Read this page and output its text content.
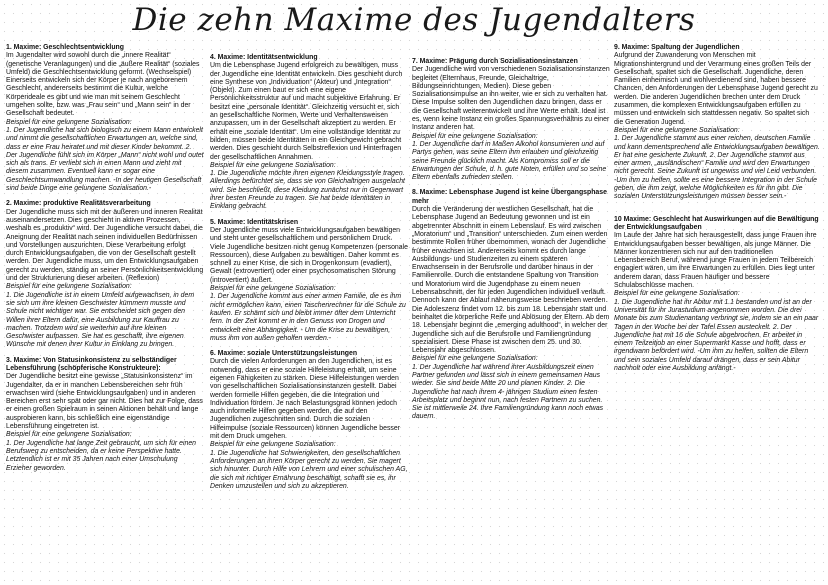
Die zehn Maxime des Jugendalters

1. Maxime: Geschlechtsentwicklung

Im Jugendalter wird sowohl durch die „innere Realität“ (genetische Veranlagungen) und die „äußere Realität“ (soziales Umfeld) die Geschlechtsentwicklung geformt. (Wechselspiel) Einerseits entwickeln sich der Körper je nach angeborenem Geschlecht, andererseits bestimmt die Kultur, welche Körperideale es gibt und wie man mit seinem Geschlecht umgehen sollte, bzw. was „Frau sein“ und „Mann sein“ in der Gesellschaft bedeutet.

Beispiel für eine gelungene Sozialisation:

1. Der Jugendliche hat sich biologisch zu einem Mann entwickelt und nimmt die gesellschaftlichen Erwartungen an, welche sind, dass er eine Frau heiratet und mit dieser Kinder bekommt. 2. Der Jugendliche fühlt sich im Körper „Mann“ nicht wohl und outet sich als trans. Er verliebt sich in einen Mann und zieht mit diesem zusammen. Eventuell kann er sogar eine Geschlechtsumwandlung machen. -In der heutigen Gesellschaft sind beide Dinge eine gelungene Sozialisation.-

2. Maxime: produktive Realitätsverarbeitung

Der Jugendliche muss sich mit der äußeren und inneren Realität auseinandersetzen. Dies geschieht in aktiven Prozessen, weshalb es „produktiv“ wird. Der Jugendliche versucht dabei, die Aneignung der Realität nach seinen individuellen Bedürfnissen und Vorstellungen auszurichten. Diese Verarbeitung erfolgt durch Entwicklungsaufgaben, die von der Gesellschaft gestellt werden. Der Jugendliche muss, um den Entwicklungsaufgaben gerecht zu werden, ständig an seiner Persönlichkeitsentwicklung und der Strukturierung dieser arbeiten. (Reflexion)

Beispiel für eine gelungene Sozialisation:

1. Die Jugendliche ist in einem Umfeld aufgewachsen, in dem sie sich um ihre kleinen Geschwister kümmern musste und Schule nicht wichtiger war. Sie entscheidet sich gegen den Willen ihrer Eltern dafür, eine Ausbildung zur Kauffrau zu machen. Trotzdem wird sie weiterhin auf ihre kleinen Geschwister aufpassen. Sie hat es geschafft, ihre eigenen Wünsche mit denen ihrer Kultur in Einklang zu bringen.

3. Maxime: Von Statusinkonsistenz zu selbständiger Lebensführung (schöpferische Konstrukteure):

Der Jugendliche besitzt eine gewisse „Statusinkonsistenz“ im Jugendalter, da er in manchen Lebensbereichen sehr früh erwachsen wird (siehe Entwicklungsaufgaben) und in anderen Bereichen erst sehr spät oder gar nicht. Dies hat zur Folge, dass er einen großen Spielraum in seinen Aktionen behält und lange ausprobieren kann, bis schließlich eine eigenständige Lebensführung eingetreten ist.

Beispiel für eine gelungene Sozialisation:

1. Der Jugendliche hat lange Zeit gebraucht, um sich für einen Berufsweg zu entscheiden, da er keine Perspektive hatte. Letztendlich ist er mit 35 Jahren nach einer Umschulung Erzieher geworden.

4. Maxime: Identitätsentwicklung

Um die Lebensphase Jugend erfolgreich zu bewältigen, muss der Jugendliche eine Identität entwickeln. Dies geschieht durch eine Synthese von „Individuation“ (Akteur) und „Integration“ (Objekt). Zum einen baut er sich eine eigene Persönlichkeitsstruktur auf und macht subjektive Erfahrung. Er besitzt eine „personale Identität“. Gleichzeitig versucht er, sich an gesellschaftliche Normen, Werte und Verhaltensweisen anzupassen, um in der Gesellschaft akzeptiert zu werden. Er erhält eine „soziale Identität“. Um eine vollständige Identität zu bilden, müssen beide Identitäten in ein Gleichgewicht gebracht werden. Dies geschieht durch Selbstreflexion und Hinterfragen der gesellschaftlichen Annahmen.

Beispiel für eine gelungene Sozialisation:

1. Die Jugendliche möchte ihren eigenen Kleidungsstyle tragen. Allerdings befürchtet sie, dass sie von Gleichaltrigen ausgelacht wird. Sie beschließt, diese Kleidung zunächst nur in Gegenwart ihrer besten Freunde zu tragen. Sie hat beide Identitäten in Einklang gebracht.

5. Maxime: Identitätskrisen

Der Jugendliche muss viele Entwicklungsaufgaben bewältigen und steht unter gesellschaftlichem und persönlichem Druck. Viele Jugendliche besitzen nicht genug Kompetenzen (personale Ressourcen), diese Aufgaben zu bewältigen. Daher kommt es schnell zu einer Krise, die sich in Drogenkonsum (evadiert), Gewalt (extrovertiert) oder einer psychosomatischen Störung (introvertiert) äußert.

Beispiel für eine gelungene Sozialisation:

1. Der Jugendliche kommt aus einer armen Familie, die es ihm nicht ermöglichen kann, einen Taschenrechner für die Schule zu kaufen. Er schämt sich und bleibt immer öfter dem Unterricht fern. In der Zeit kommt er in den Genuss von Drogen und entwickelt eine Abhängigkeit. - Um die Krise zu bewältigen, muss ihm von außen geholfen werden.-

6. Maxime: soziale Unterstützungsleistungen

Durch die vielen Anforderungen an den Jugendlichen, ist es notwendig, dass er eine soziale Hilfeleistung erhält, um seine eigenen Fähigkeiten zu stärken. Diese Hilfeleistungen werden von gesellschaftlichen Sozialisationsinstanzen gestellt. Dabei werden formelle Hilfen gegeben, die die Integration und Individuation fördern. Je nach Belastungsgrad können jedoch auch informelle Hilfen gegeben werden, die auf den Jugendlichen zugeschnitten sind. Durch die sozialen Hilfeimpulse (soziale Ressourcen) können Jugendliche besser mit dem Druck umgehen.

Beispiel für eine gelungene Sozialisation:

1. Die Jugendliche hat Schwierigkeiten, den gesellschaftlichen Anforderungen an ihren Körper gerecht zu werden. Sie magert sich hinunter. Durch Hilfe von Lehrern und einer schulischen AG, die sich mit richtiger Ernährung beschäftigt, schafft sie es, ihr Denken umzustellen und sich zu akzeptieren.

7. Maxime: Prägung durch Sozialisationsinstanzen

Der Jugendliche wird von verschiedenen Sozialisationsinstanzen begleitet (Elternhaus, Freunde, Gleichaltrige, Bildungseinrichtungen, Medien). Diese geben Sozialisationsimpulse an ihn weiter, wie er sich zu verhalten hat. Diese Impulse sollten den Jugendlichen dazu bringen, dass er die Gesellschaft weiterentwickelt und ihre Werte erhält. Ideal ist es, wenn keine Instanz ein großes Spannungsverhältnis zu einer Instanz anderen hat.

Beispiel für eine gelungene Sozialisation:

1. Der Jugendliche darf in Maßen Alkohol konsumieren und auf Partys gehen, was seine Eltern ihm erlauben und gleichzeitig seine Freunde glücklich macht. Als Kompromiss soll er die Erwartungen der Schule, d. h. gute Noten, erfüllen und so seine Eltern ebenfalls zufrieden stellen.

8. Maxime: Lebensphase Jugend ist keine Übergangsphase mehr

Durch die Veränderung der westlichen Gesellschaft, hat die Lebensphase Jugend an Bedeutung gewonnen und ist ein abgetrennter Abschnitt in einem Lebenslauf. Es wird zwischen „Moratorium“ und „Transition“ unterschieden. Zum einen werden bestimmte Rollen früher übernommen, wonach der Jugendliche früher erwachsen ist. Andererseits kommt es durch lange Ausbildungs- und Studienzeiten zu einem späteren Erwachsensein in der Berufsrolle und darüber hinaus in der Familienrolle. Durch die entstandene Spaltung von Transition und Moratorium wird die Jugendphase zu einem neuen Lebensabschnitt, der für jeden Jugendlichen individuell verläuft. Dennoch kann der Ablauf näherungsweise beschrieben werden. Die Adoleszenz findet vom 12. bis zum 18. Lebensjahr statt und beinhaltet die körperliche Reife und Ablösung der Eltern. Ab dem 18. Lebensjahr beginnt die „emerging adulthood“, in welcher der Jugendliche sich auf die Berufsrolle und Familiengründung spezialisiert. Diese Phase ist zwischen dem 25. und 30. Lebensjahr abgeschlossen.

Beispiel für eine gelungene Sozialisation:

1. Der Jugendliche hat während ihrer Ausbildungszeit einen Partner gefunden und lässt sich in einem gemeinsamen Haus wieder. Sie sind beide Mitte 20 und planen Kinder. 2. Die Jugendliche hat nach ihrem 4- jährigen Studium einen festen Arbeitsplatz und beginnt nun, nach festen Partnern zu suchen. Sie ist mittlerweile 24. Ihre Familiengründung kann noch etwas dauern.

9. Maxime: Spaltung der Jugendlichen

Aufgrund der Zuwanderung von Menschen mit Migrationshintergrund und der Verarmung eines großen Teils der Gesellschaft, spaltet sich die Gesellschaft. Jugendliche, deren Familien einheimisch und wohlverdienend sind, haben bessere Chancen, den Anforderungen der Lebensphase Jugend gerecht zu werden. Die anderen Jugendlichen brechen unter dem Druck zusammen, die komplexen Entwicklungsaufgaben erfüllen zu müssen und entwickeln sich stattdessen negativ. So spaltet sich die Generation Jugend.

Beispiel für eine gelungene Sozialisation:

1. Der Jugendliche stammt aus einer reichen, deutschen Familie und kann dementsprechend alle Entwicklungsaufgaben bewältigen. Er hat eine gesicherte Zukunft. 2. Der Jugendliche stammt aus einer armen, „ausländischen“ Familie und wird den Erwartungen nicht gerecht. Seine Zukunft ist ungewiss und viel Leid verbunden. -Um ihm zu helfen, sollte es eine bessere Integration in der Schule geben, die ihm zeigt, welche Möglichkeiten es für ihn gibt. Die sozialen Unterstützungsleistungen müssen besser sein.-

10 Maxime: Geschlecht hat Auswirkungen auf die Bewältigung der Entwicklungsaufgaben

Im Laufe der Jahre hat sich herausgestellt, dass junge Frauen ihre Entwicklungsaufgaben besser bewältigen, als junge Männer. Die Männer konzentrieren sich nur auf den traditionellen Lebensbereich Beruf, während junge Frauen in jedem Teilbereich engagiert wären, um ihre Erwartungen zu erfüllen. Dies liegt unter anderem daran, dass Frauen häufiger und bessere Schulabschlüsse machen.

Beispiel für eine gelungene Sozialisation:

1. Die Jugendliche hat ihr Abitur mit 1.1 bestanden und ist an der Universität für ihr Jurastudium angenommen worden. Die drei Monate bis zum Studienantang verbringt sie, indem sie an ein paar Tagen in der Woche bei der Tafel Essen austeckelt. 2. Der Jugendliche hat mit 16 die Schule abgebrochen. Er arbeitet in einem Teilzeitjob an einer Supermarkt Kasse und hofft, dass er irgendwann befördert wird. -Um ihm zu helfen, sollten die Eltern und sein soziales Umfeld darauf drängen, dass er sein Abitur nachholt oder eine Ausbildung anfängt.-
